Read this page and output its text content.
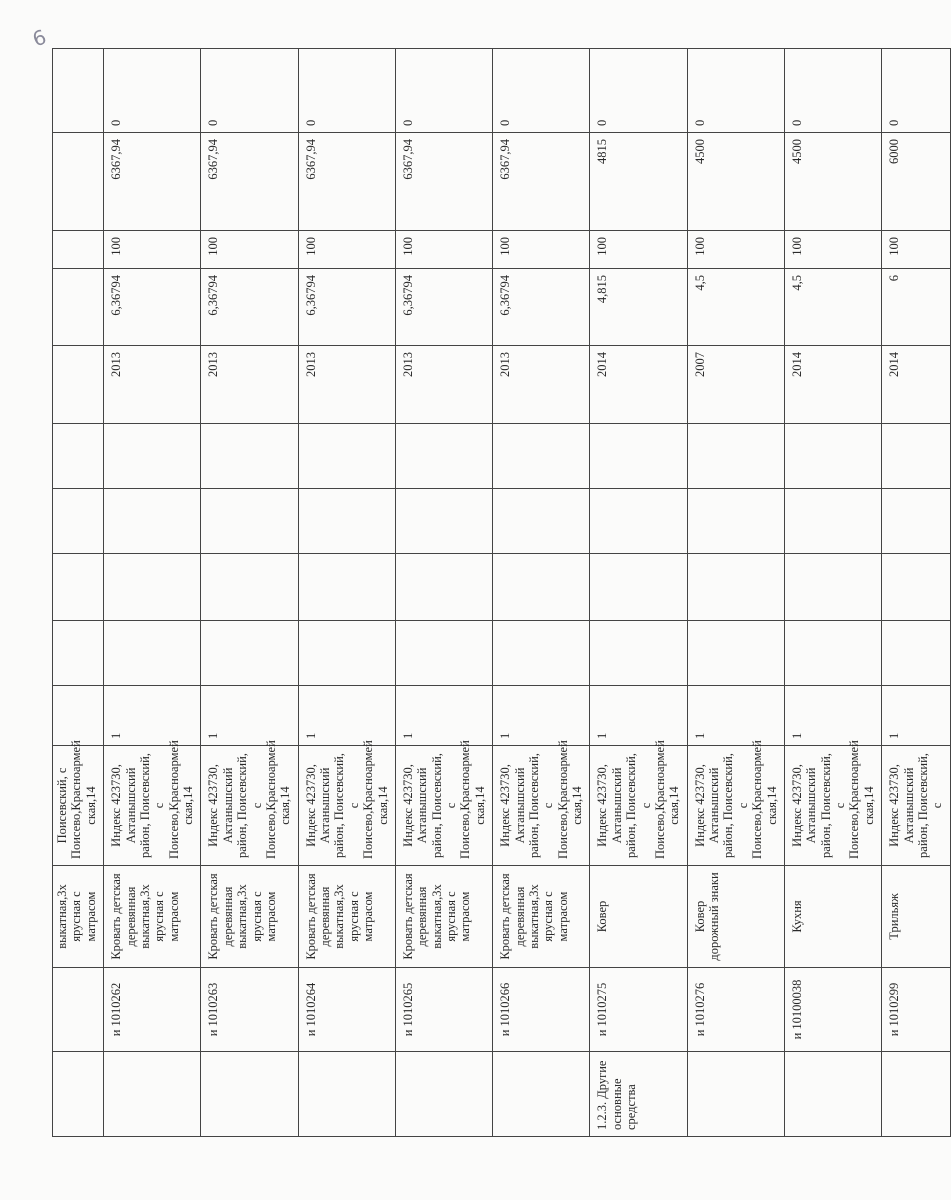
6
		выкатная,3х ярусная с матрасом	Поисевский, с Поисево,Красноармей ская,14										
	и 1010262	Кровать детская деревянная выкатная,3х ярусная с матрасом	Индекс 423730, Актанышский район, Поисевский, с Поисево,Красноармей ская,14	1					2013	6,36794	100	6367,94	0
	и 1010263	Кровать детская деревянная выкатная,3х ярусная с матрасом	Индекс 423730, Актанышский район, Поисевский, с Поисево,Красноармей ская,14	1					2013	6,36794	100	6367,94	0
	и 1010264	Кровать детская деревянная выкатная,3х ярусная с матрасом	Индекс 423730, Актанышский район, Поисевский, с Поисево,Красноармей ская,14	1					2013	6,36794	100	6367,94	0
	и 1010265	Кровать детская деревянная выкатная,3х ярусная с матрасом	Индекс 423730, Актанышский район, Поисевский, с Поисево,Красноармей ская,14	1					2013	6,36794	100	6367,94	0
	и 1010266	Кровать детская деревянная выкатная,3х ярусная с матрасом	Индекс 423730, Актанышский район, Поисевский, с Поисево,Красноармей ская,14	1					2013	6,36794	100	6367,94	0
1.2.3. Другие основные средства	и 1010275	Ковер	Индекс 423730, Актанышский район, Поисевский, с Поисево,Красноармей ская,14	1					2014	4,815	100	4815	0
	и 1010276	Ковер дорожный знаки	Индекс 423730, Актанышский район, Поисевский, с Поисево,Красноармей ская,14	1					2007	4,5	100	4500	0
	и 10100038	Кухня	Индекс 423730, Актанышский район, Поисевский, с Поисево,Красноармей ская,14	1					2014	4,5	100	4500	0
	и 1010299	Трильяж	Индекс 423730, Актанышский район, Поисевский, с	1					2014	6	100	6000	0
